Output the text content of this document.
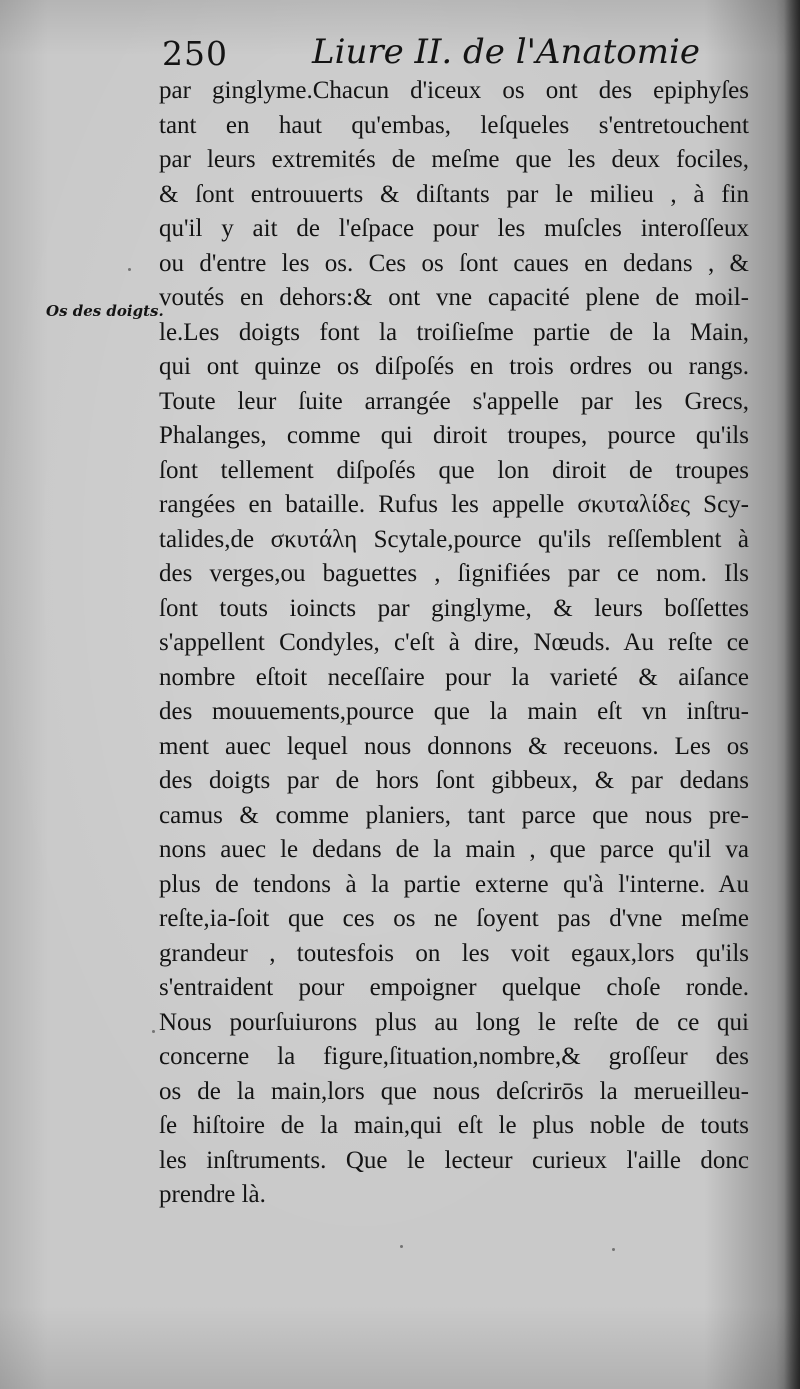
250 Liure II. de l'Anatomie
Os des doigts.
par ginglyme.Chacun d'iceux os ont des epiphyſes
tant en haut qu'embas, leſqueles s'entretouchent
par leurs extremités de meſme que les deux fociles,
& ſont entrouuerts & diſtants par le milieu , à fin
qu'il y ait de l'eſpace pour les muſcles interoſſeux
ou d'entre les os. Ces os ſont caues en dedans , &
voutés en dehors:& ont vne capacité plene de moil-
le.Les doigts font la troiſieſme partie de la Main,
qui ont quinze os diſpoſés en trois ordres ou rangs.
Toute leur ſuite arrangée s'appelle par les Grecs,
Phalanges, comme qui diroit troupes, pource qu'ils
ſont tellement diſpoſés que lon diroit de troupes
rangées en bataille. Rufus les appelle σκυταλίδες Scy-
talides,de σκυτάλη Scytale,pource qu'ils reſſemblent à
des verges,ou baguettes , ſignifiées par ce nom. Ils
ſont touts ioincts par ginglyme, & leurs boſſettes
s'appellent Condyles, c'eſt à dire, Nœuds. Au reſte ce
nombre eſtoit neceſſaire pour la varieté & aiſance
des mouuements,pource que la main eſt vn inſtru-
ment auec lequel nous donnons & receuons. Les os
des doigts par de hors ſont gibbeux, & par dedans
camus & comme planiers, tant parce que nous pre-
nons auec le dedans de la main , que parce qu'il va
plus de tendons à la partie externe qu'à l'interne. Au
reſte,ia-ſoit que ces os ne ſoyent pas d'vne meſme
grandeur , toutesfois on les voit egaux,lors qu'ils
s'entraident pour empoigner quelque choſe ronde.
Nous pourſuiurons plus au long le reſte de ce qui
concerne la figure,ſituation,nombre,& groſſeur des
os de la main,lors que nous deſcrirōs la merueilleu-
ſe hiſtoire de la main,qui eſt le plus noble de touts
les inſtruments. Que le lecteur curieux l'aille donc
prendre là.
